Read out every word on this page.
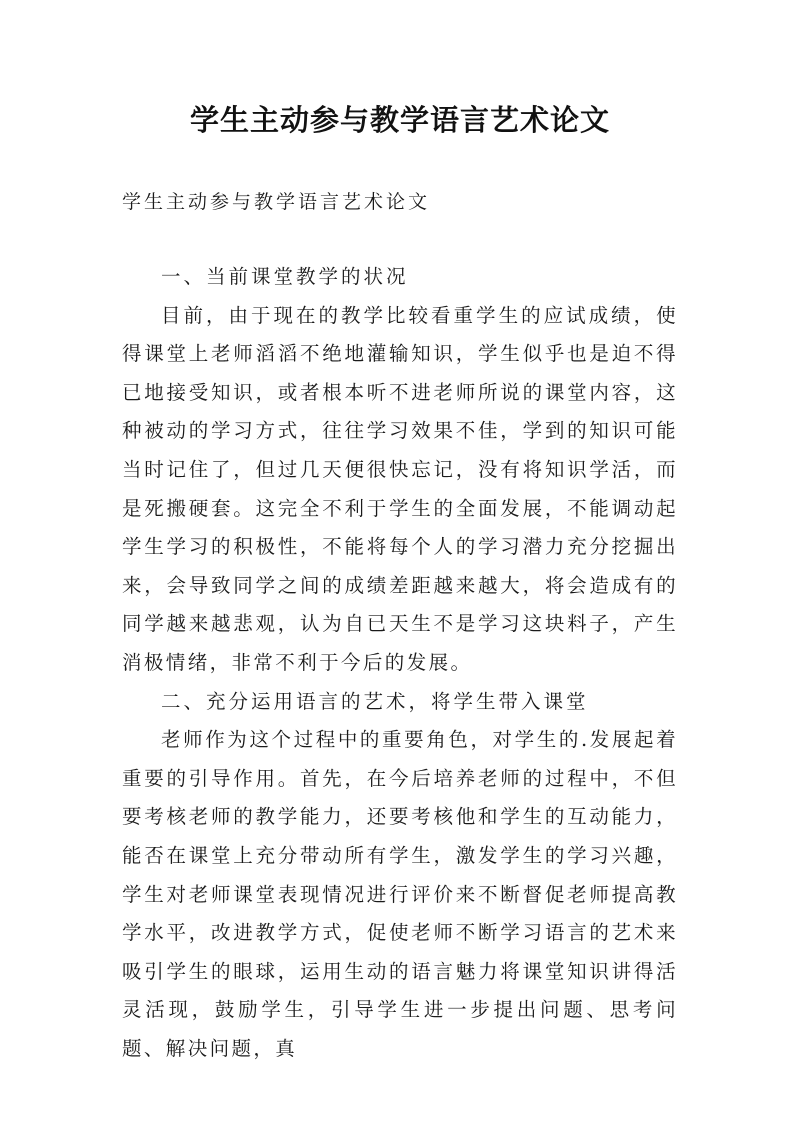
学生主动参与教学语言艺术论文

学生主动参与教学语言艺术论文

一、当前课堂教学的状况

目前，由于现在的教学比较看重学生的应试成绩，使得课堂上老师滔滔不绝地灌输知识，学生似乎也是迫不得已地接受知识，或者根本听不进老师所说的课堂内容，这种被动的学习方式，往往学习效果不佳，学到的知识可能当时记住了，但过几天便很快忘记，没有将知识学活，而是死搬硬套。这完全不利于学生的全面发展，不能调动起学生学习的积极性，不能将每个人的学习潜力充分挖掘出来，会导致同学之间的成绩差距越来越大，将会造成有的同学越来越悲观，认为自已天生不是学习这块料子，产生消极情绪，非常不利于今后的发展。

二、充分运用语言的艺术，将学生带入课堂

老师作为这个过程中的重要角色，对学生的.发展起着重要的引导作用。首先，在今后培养老师的过程中，不但要考核老师的教学能力，还要考核他和学生的互动能力，能否在课堂上充分带动所有学生，激发学生的学习兴趣，学生对老师课堂表现情况进行评价来不断督促老师提高教学水平，改进教学方式，促使老师不断学习语言的艺术来吸引学生的眼球，运用生动的语言魅力将课堂知识讲得活灵活现，鼓励学生，引导学生进一步提出问题、思考问题、解决问题，真
